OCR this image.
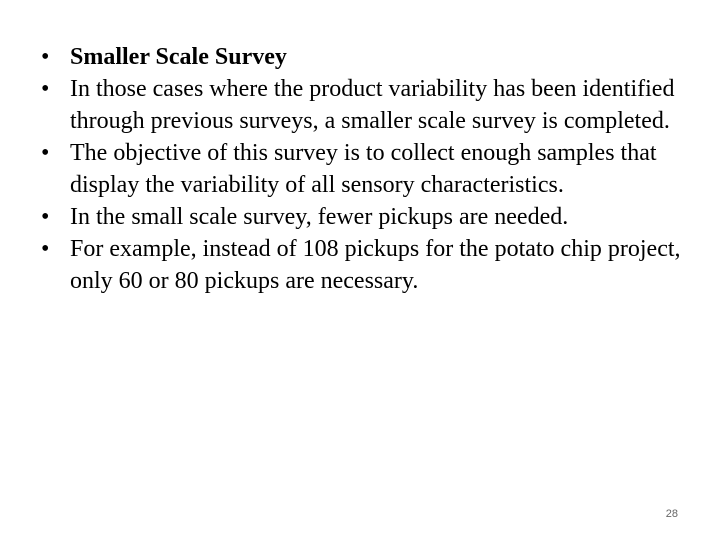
• Smaller Scale Survey
• In those cases where the product variability has been identified through previous surveys, a smaller scale survey is completed.
• The objective of this survey is to collect enough samples that display the variability of all sensory characteristics.
• In the small scale survey, fewer pickups are needed.
• For example, instead of 108 pickups for the potato chip project, only 60 or 80 pickups are necessary.
28
